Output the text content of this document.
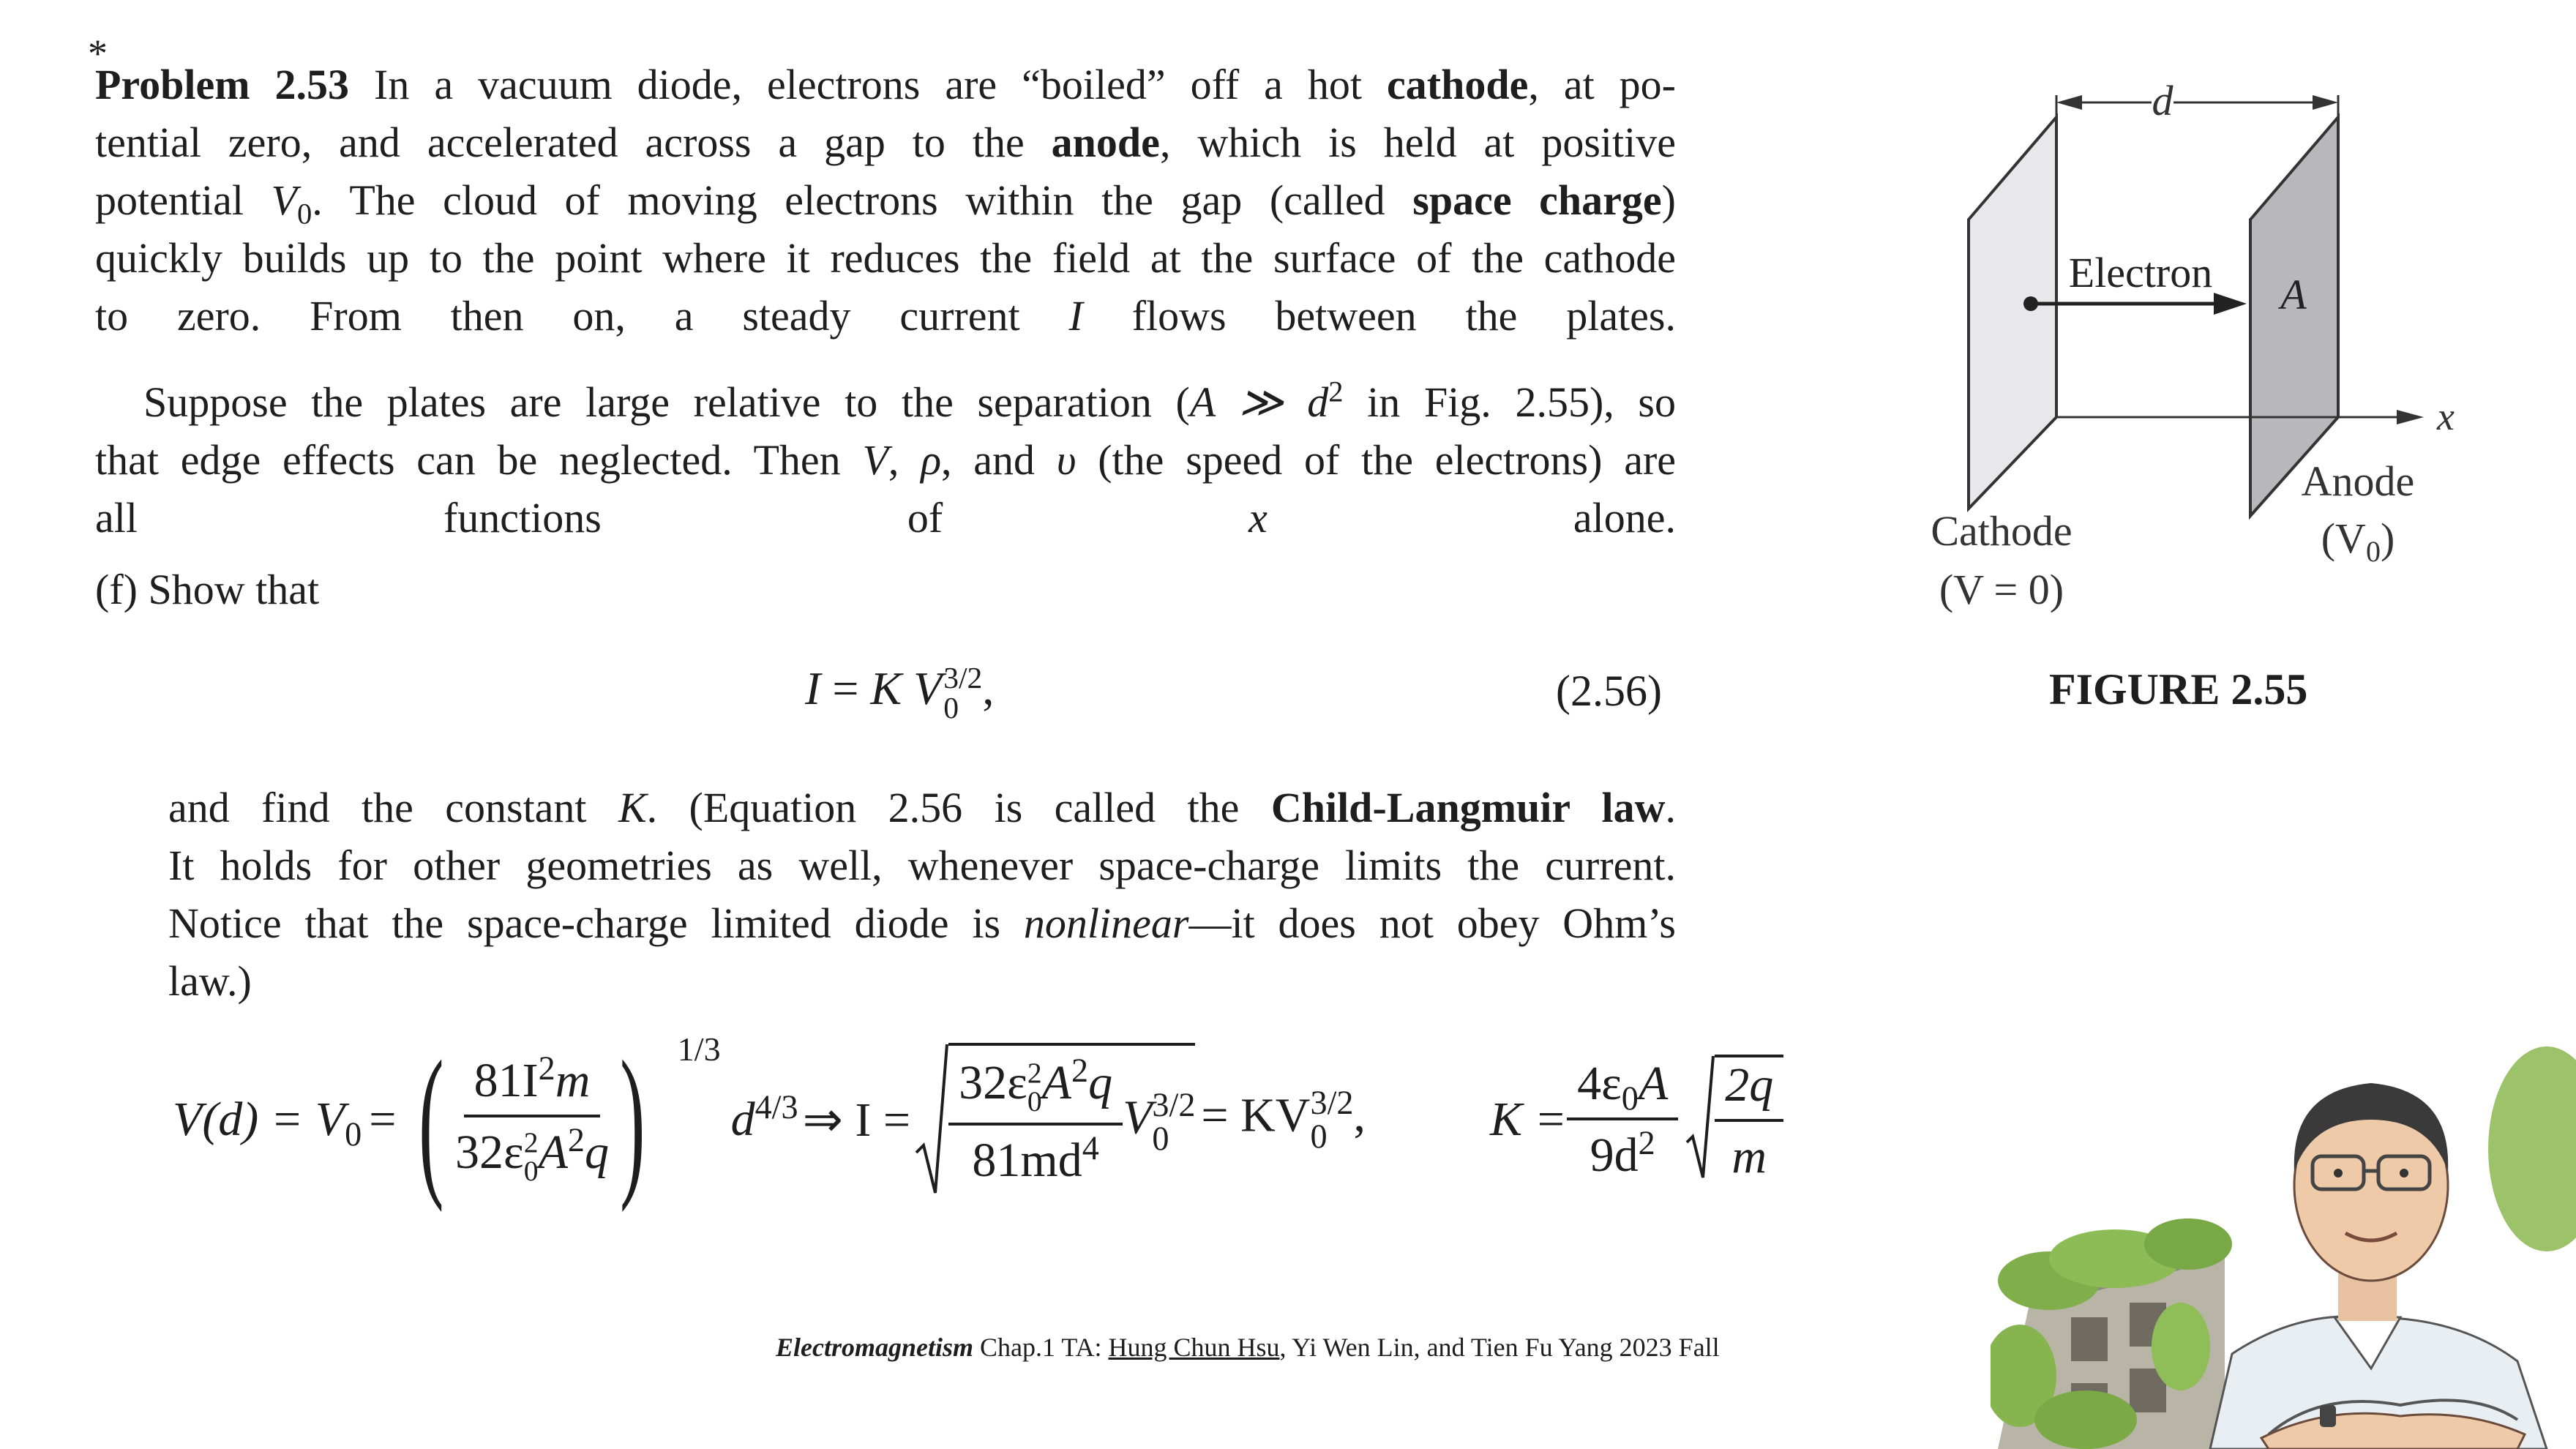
*
Problem 2.53 In a vacuum diode, electrons are “boiled” off a hot cathode, at po-
tential zero, and accelerated across a gap to the anode, which is held at positive
potential $V_0$. The cloud of moving electrons within the gap (called space charge)
quickly builds up to the point where it reduces the field at the surface of the cathode
to zero. From then on, a steady current I flows between the plates.
Suppose the plates are large relative to the separation (A ≫ $d^2$ in Fig. 2.55), so
that edge effects can be neglected. Then V, ρ, and υ (the speed of the electrons) are
all functions of x alone.
(f) Show that
I = K V 3/2
0 ,	(2.56)
and find the constant K. (Equation 2.56 is called the Child-Langmuir law.
It holds for other geometries as well, whenever space-charge limits the current.
Notice that the space-charge limited diode is nonlinear—it does not obey Ohm’s
law.)
d
x
Electron A
Cathode
(V = 0)
Anode
$(V_0)$
FIGURE 2.55
$V(d) = V_0$ = ( $81I^2m$
32ε 2
0 $A^2q$ ) 1/3
$d^{4/3}$ ⇒ I = 32ε 2
0 $A^2q$
$81md^4$ V 3/2
0 = KV 3/2
0 ,	$K = \frac{4\varepsilon_0A}{9d^2} \frac{2q}{m}$
Electromagnetism Chap.1 TA: Hung Chun Hsu, Yi Wen Lin, and Tien Fu Yang 2023 Fall
